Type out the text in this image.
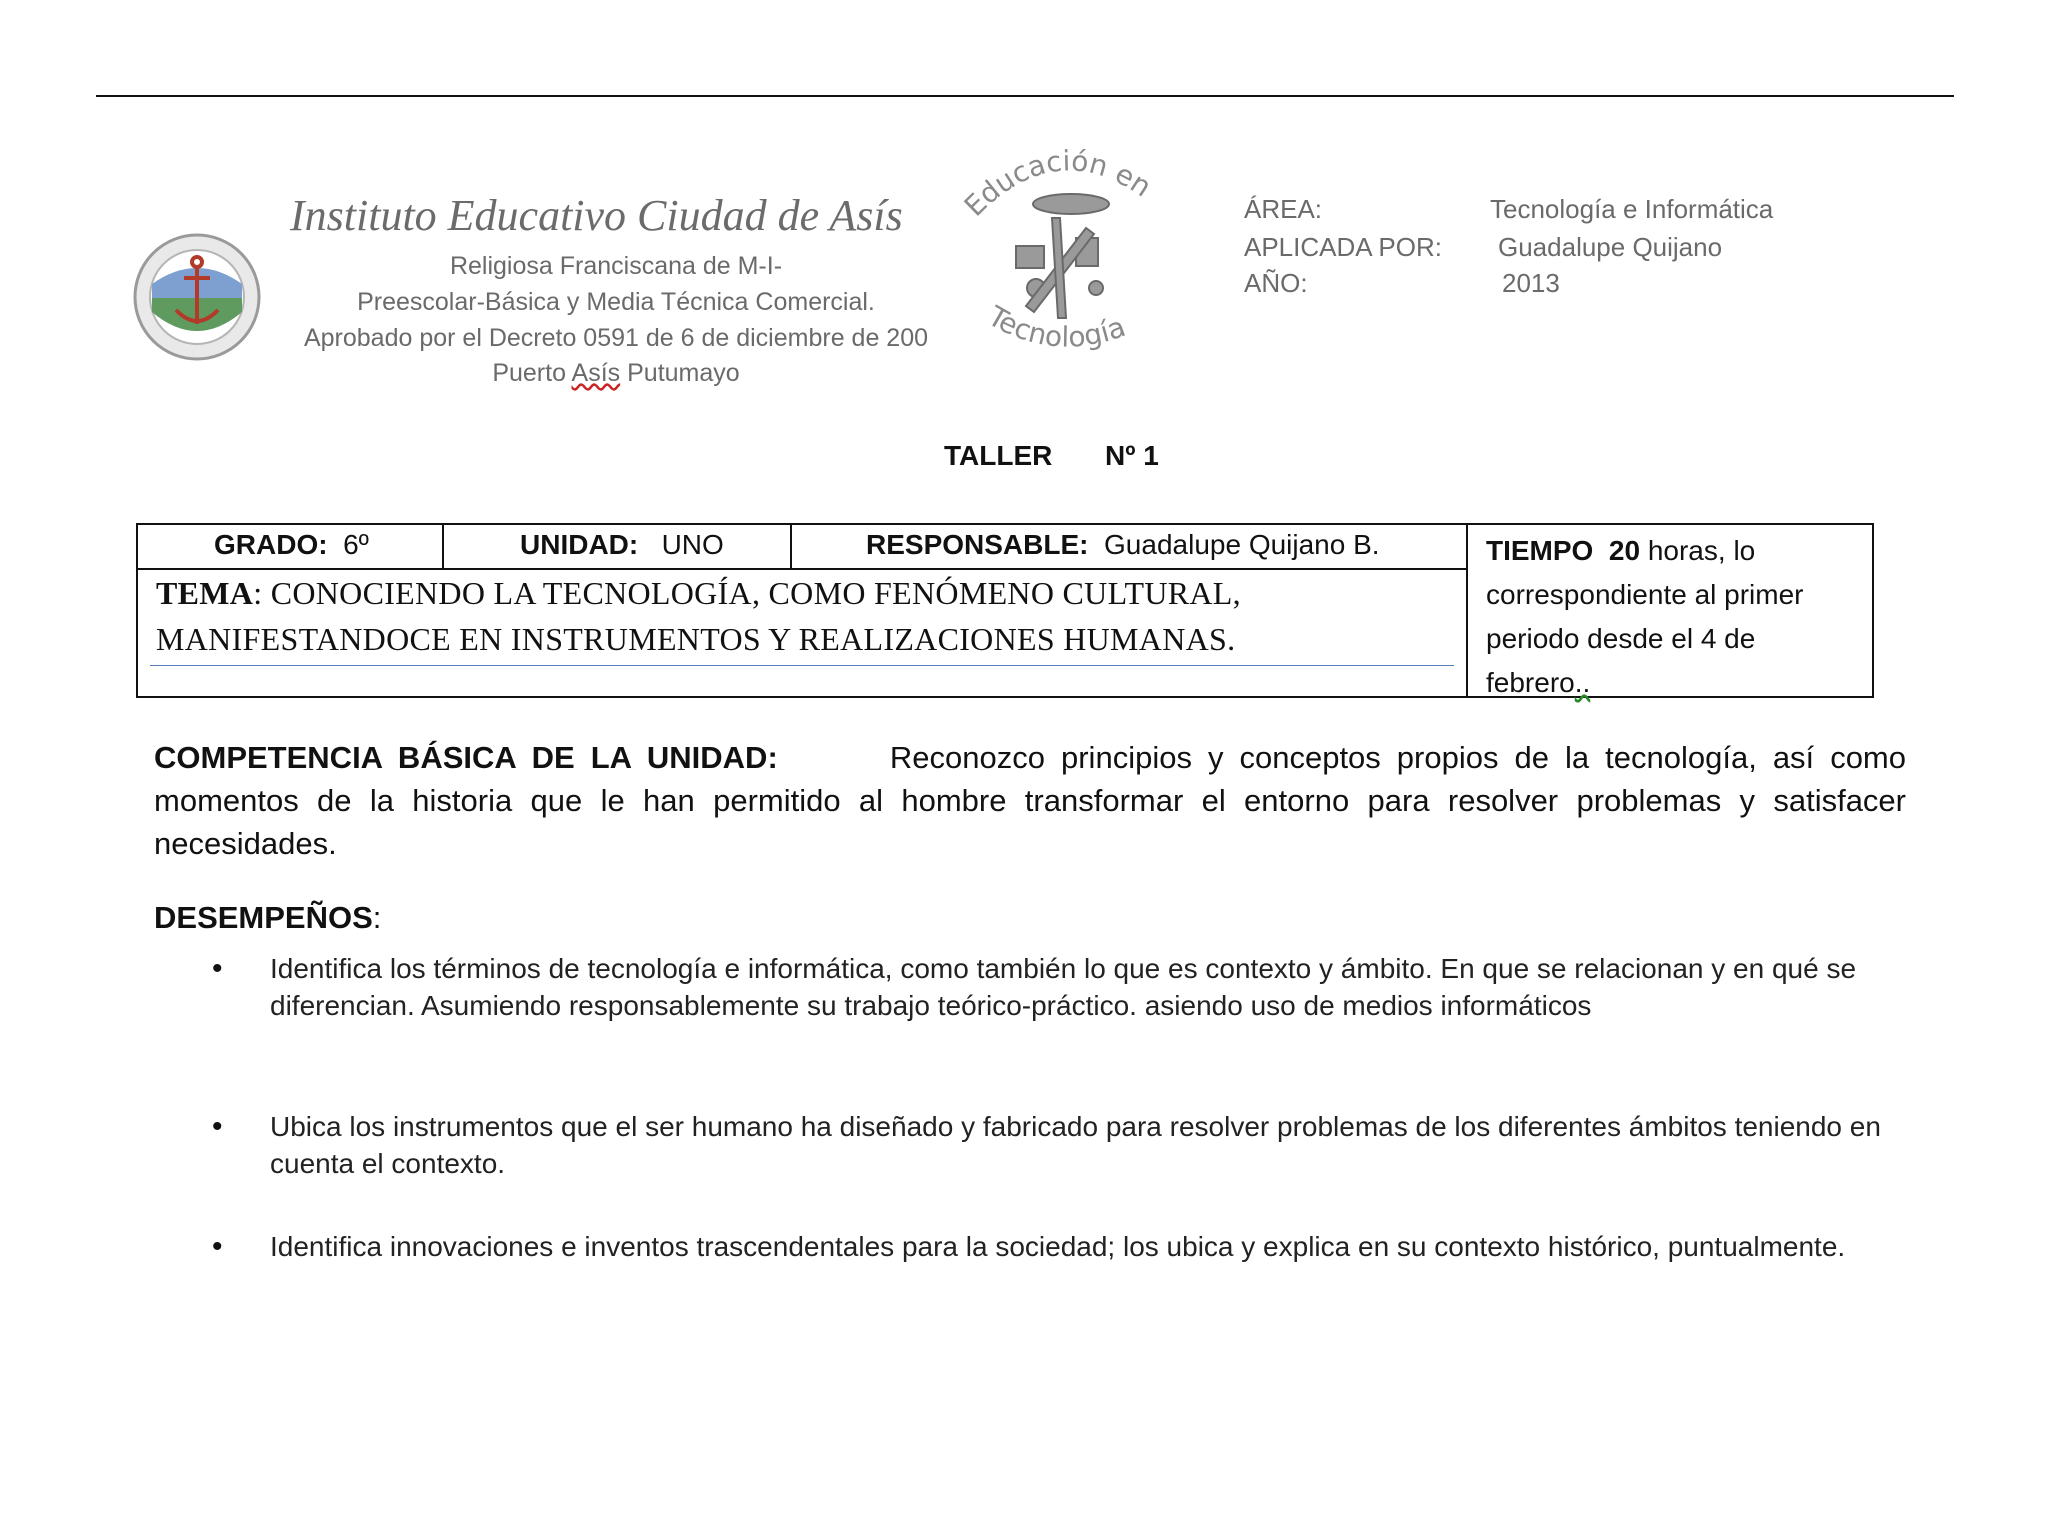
Instituto Educativo Ciudad de Asís
Religiosa Franciscana de M-I-
Preescolar-Básica y Media Técnica Comercial.
Aprobado por el Decreto 0591 de 6 de diciembre de 200
Puerto Asís Putumayo
Educación en
Tecnología
ÁREA:	Tecnología e Informática
APLICADA POR: Guadalupe Quijano
AÑO:	2013
TALLER Nº 1
GRADO: 6º	UNIDAD: UNO	RESPONSABLE: Guadalupe Quijano B.
TEMA: CONOCIENDO LA TECNOLOGÍA, COMO FENÓMENO CULTURAL,
MANIFESTANDOCE EN INSTRUMENTOS Y REALIZACIONES HUMANAS.
TIEMPO 20 horas, lo correspondiente al primer periodo desde el 4 de febrero..
COMPETENCIA BÁSICA DE LA UNIDAD:	Reconozco principios y conceptos propios de la tecnología, así como momentos de la historia que le han permitido al hombre transformar el entorno para resolver problemas y satisfacer necesidades.
DESEMPEÑOS:
• Identifica los términos de tecnología e informática, como también lo que es contexto y ámbito. En que se relacionan y en qué se diferencian. Asumiendo responsablemente su trabajo teórico-práctico. asiendo uso de medios informáticos
• Ubica los instrumentos que el ser humano ha diseñado y fabricado para resolver problemas de los diferentes ámbitos teniendo en cuenta el contexto.
• Identifica innovaciones e inventos trascendentales para la sociedad; los ubica y explica en su contexto histórico, puntualmente.
